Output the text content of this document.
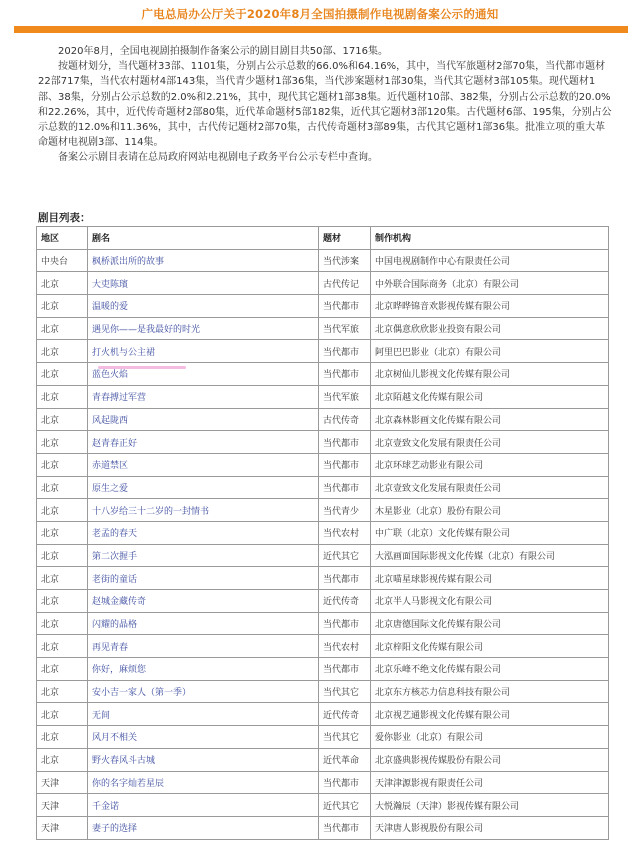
广电总局办公厅关于2020年8月全国拍摄制作电视剧备案公示的通知

2020年8月，全国电视剧拍摄制作备案公示的剧目剧目共50部、1716集。

按题材划分，当代题材33部、1101集，分别占公示总数的66.0%和64.16%，其中，当代军旅题材2部70集，当代都市题材22部717集，当代农村题材4部143集，当代青少题材1部36集，当代涉案题材1部30集，当代其它题材3部105集。现代题材1部、38集，分别占公示总数的2.0%和2.21%，其中，现代其它题材1部38集。近代题材10部、382集，分别占公示总数的20.0%和22.26%，其中，近代传奇题材2部80集，近代革命题材5部182集，近代其它题材3部120集。古代题材6部、195集，分别占公示总数的12.0%和11.36%，其中，古代传记题材2部70集，古代传奇题材3部89集，古代其它题材1部36集。批准立项的重大革命题材电视剧3部、114集。

备案公示剧目表请在总局政府网站电视剧电子政务平台公示专栏中查询。

剧目列表：
地区	剧名	题材	制作机构
中央台	枫桥派出所的故事	当代涉案	中国电视剧制作中心有限责任公司
北京	大吏陈璸	古代传记	中外联合国际商务（北京）有限公司
北京	温暖的爱	当代都市	北京晔晔锦音欢影视传媒有限公司
北京	遇见你——是我最好的时光	当代军旅	北京偶意欣欣影业投资有限公司
北京	打火机与公主裙	当代都市	阿里巴巴影业（北京）有限公司
北京	蓝色火焰	当代都市	北京树仙儿影视文化传媒有限公司
北京	青春搏过军营	当代军旅	北京陌越文化传媒有限公司
北京	风起陇西	古代传奇	北京森林影画文化传媒有限公司
北京	赵青春正好	当代都市	北京壹致文化发展有限责任公司
北京	赤道禁区	当代都市	北京环球艺动影业有限公司
北京	原生之爱	当代都市	北京壹致文化发展有限责任公司
北京	十八岁给三十二岁的一封情书	当代青少	木星影业（北京）股份有限公司
北京	老孟的春天	当代农村	中广联（北京）文化传媒有限公司
北京	第二次握手	近代其它	大泓画面国际影视文化传媒（北京）有限公司
北京	老街的童话	当代都市	北京喵星球影视传媒有限公司
北京	赵城金藏传奇	近代传奇	北京半人马影视文化有限公司
北京	闪耀的晶格	当代都市	北京唐德国际文化传媒有限公司
北京	再见青春	当代农村	北京梓阳文化传媒有限公司
北京	你好，麻烦您	当代都市	北京乐峰不绝文化传媒有限公司
北京	安小吉一家人（第一季）	当代其它	北京东方核芯力信息科技有限公司
北京	无间	近代传奇	北京视艺通影视文化传媒有限公司
北京	风月不相关	当代其它	爱你影业（北京）有限公司
北京	野火春风斗古城	近代革命	北京盛典影视传媒股份有限公司
天津	你的名字灿若星辰	当代都市	天津津源影视有限责任公司
天津	千金诺	近代其它	大悦瀚辰（天津）影视传媒有限公司
天津	妻子的选择	当代都市	天津唐人影视股份有限公司
